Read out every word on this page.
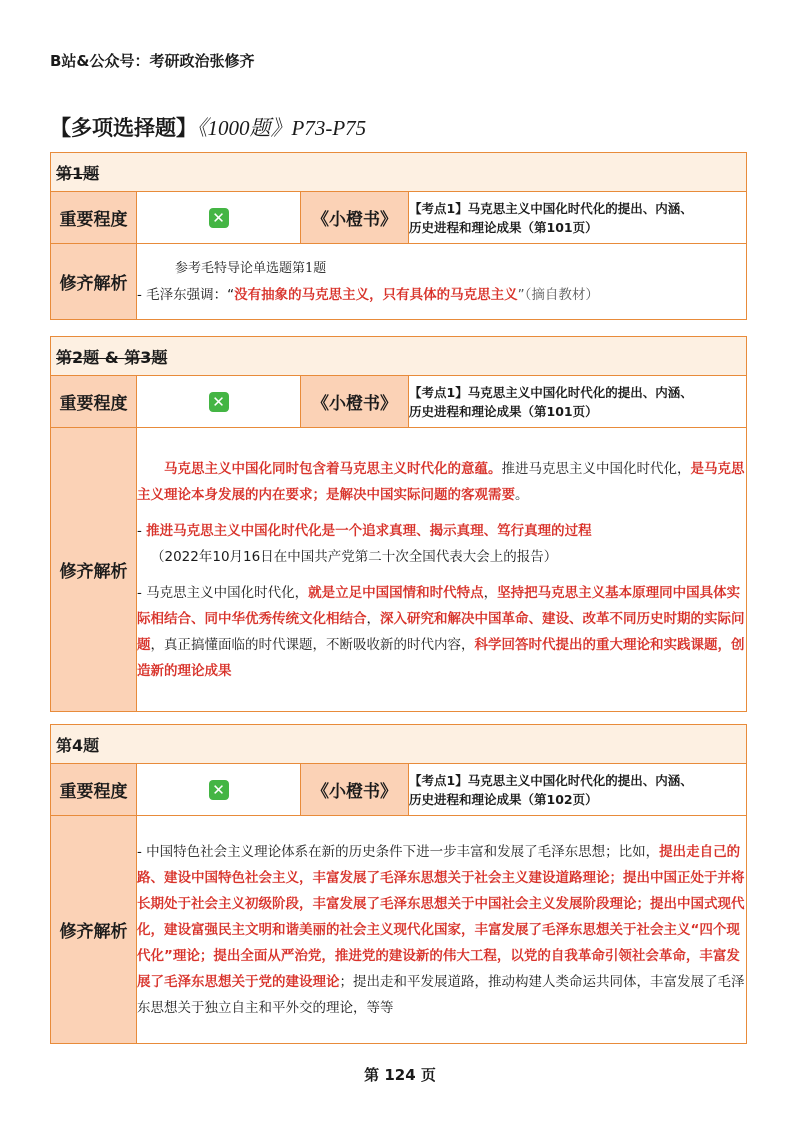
B站&公众号：考研政治张修齐
【多项选择题】《1000题》P73-P75
第1题			
重要程度	✕	《小橙书》	【考点1】马克思主义中国化时代化的提出、内涵、
历史进程和理论成果（第101页）

修齐解析	参考毛特导论单选题第1题
- 毛泽东强调：“没有抽象的马克思主义，只有具体的马克思主义”（摘自教材）		
第2题 & 第3题			
重要程度	✕	《小橙书》	【考点1】马克思主义中国化时代化的提出、内涵、
历史进程和理论成果（第101页）

修齐解析	马克思主义中国化同时包含着马克思主义时代化的意蕴。推进马克思主义中国化时代化，是马克思主义理论本身发展的内在要求；是解决中国实际问题的客观需要。

- 推进马克思主义中国化时代化是一个追求真理、揭示真理、笃行真理的过程

（2022年10月16日在中国共产党第二十次全国代表大会上的报告）

- 马克思主义中国化时代化，就是立足中国国情和时代特点，坚持把马克思主义基本原理同中国具体实际相结合、同中华优秀传统文化相结合，深入研究和解决中国革命、建设、改革不同历史时期的实际问题，真正搞懂面临的时代课题，不断吸收新的时代内容，科学回答时代提出的重大理论和实践课题，创造新的理论成果		

第4题			
重要程度	✕	《小橙书》	【考点1】马克思主义中国化时代化的提出、内涵、
历史进程和理论成果（第102页）

修齐解析	- 中国特色社会主义理论体系在新的历史条件下进一步丰富和发展了毛泽东思想；比如，提出走自己的路、建设中国特色社会主义，丰富发展了毛泽东思想关于社会主义建设道路理论；提出中国正处于并将长期处于社会主义初级阶段，丰富发展了毛泽东思想关于中国社会主义发展阶段理论；提出中国式现代化，建设富强民主文明和谐美丽的社会主义现代化国家，丰富发展了毛泽东思想关于社会主义“四个现代化”理论；提出全面从严治党，推进党的建设新的伟大工程，以党的自我革命引领社会革命，丰富发展了毛泽东思想关于党的建设理论；提出走和平发展道路，推动构建人类命运共同体，丰富发展了毛泽东思想关于独立自主和平外交的理论，等等		

第 124 页
